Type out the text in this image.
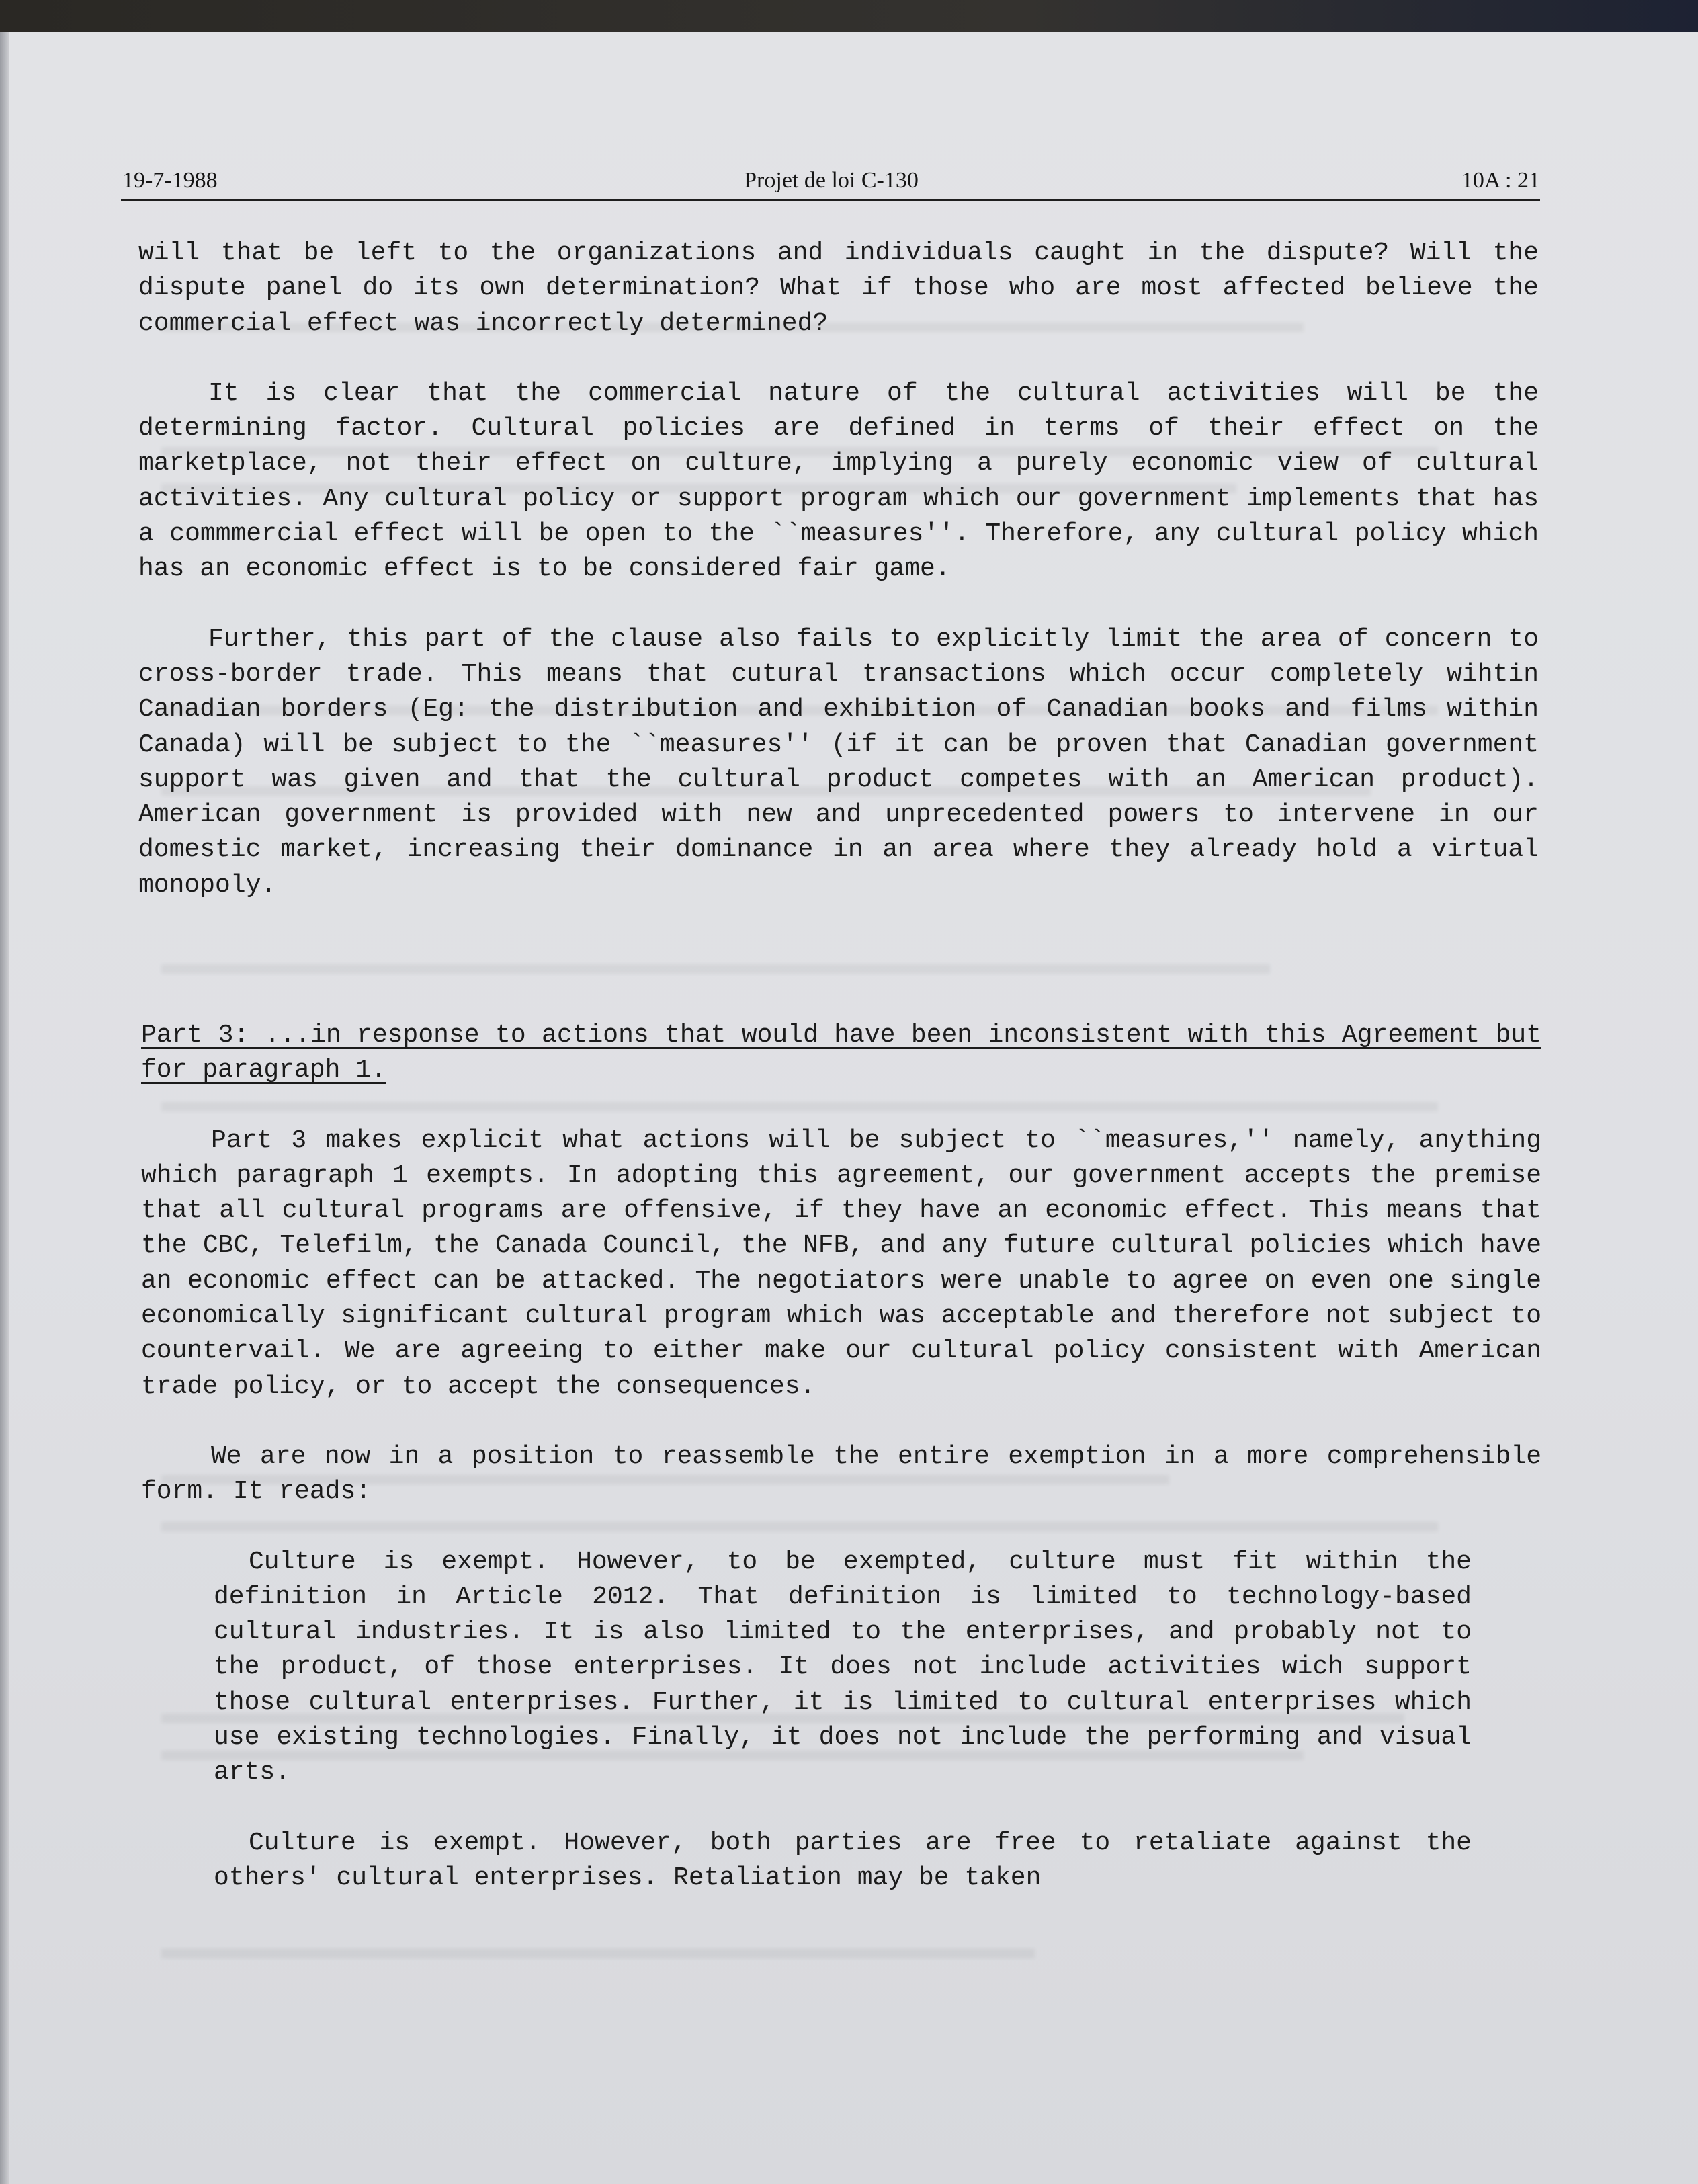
19-7-1988	Projet de loi C-130	10A : 21

will that be left to the organizations and individuals caught in the dispute? Will the dispute panel do its own determination? What if those who are most affected believe the commercial effect was incorrectly determined?

It is clear that the commercial nature of the cultural activities will be the determining factor. Cultural policies are defined in terms of their effect on the marketplace, not their effect on culture, implying a purely economic view of cultural activities. Any cultural policy or support program which our government implements that has a commmercial effect will be open to the ``measures''. Therefore, any cultural policy which has an economic effect is to be considered fair game.

Further, this part of the clause also fails to explicitly limit the area of concern to cross-border trade. This means that cutural transactions which occur completely wihtin Canadian borders (Eg: the distribution and exhibition of Canadian books and films within Canada) will be subject to the ``measures'' (if it can be proven that Canadian government support was given and that the cultural product competes with an American product). American government is provided with new and unprecedented powers to intervene in our domestic market, increasing their dominance in an area where they already hold a virtual monopoly.

Part 3: ...in response to actions that would have been inconsistent with this Agreement but for paragraph 1.

Part 3 makes explicit what actions will be subject to ``measures,'' namely, anything which paragraph 1 exempts. In adopting this agreement, our government accepts the premise that all cultural programs are offensive, if they have an economic effect. This means that the CBC, Telefilm, the Canada Council, the NFB, and any future cultural policies which have an economic effect can be attacked. The negotiators were unable to agree on even one single economically significant cultural program which was acceptable and therefore not subject to countervail. We are agreeing to either make our cultural policy consistent with American trade policy, or to accept the consequences.

We are now in a position to reassemble the entire exemption in a more comprehensible form. It reads:

Culture is exempt. However, to be exempted, culture must fit within the definition in Article 2012. That definition is limited to technology-based cultural industries. It is also limited to the enterprises, and probably not to the product, of those enterprises. It does not include activities wich support those cultural enterprises. Further, it is limited to cultural enterprises which use existing technologies. Finally, it does not include the performing and visual arts.

Culture is exempt. However, both parties are free to retaliate against the others' cultural enterprises. Retaliation may be taken
